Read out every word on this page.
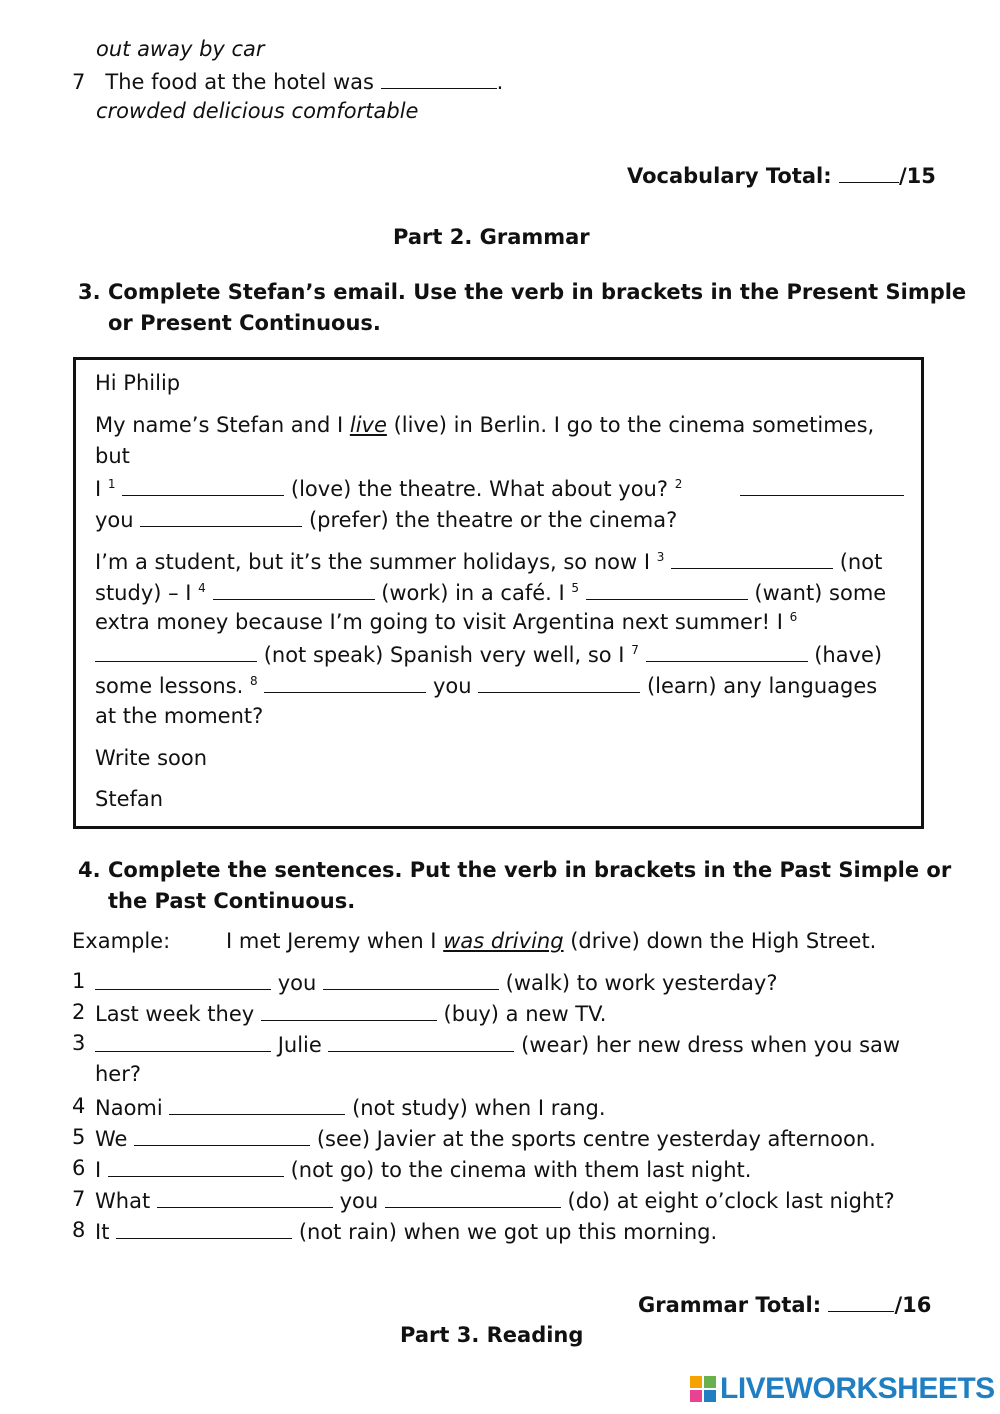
out away by car
7 The food at the hotel was	.
crowded delicious comfortable
Vocabulary Total:	/15
Part 2. Grammar
3. Complete Stefan’s email. Use the verb in brackets in the Present Simple
or Present Continuous.
Hi Philip
My name’s Stefan and I live (live) in Berlin. I go to the cinema sometimes,
but
I $^1$	(love) the theatre. What about you? $^2$
you	(prefer) the theatre or the cinema?
I’m a student, but it’s the summer holidays, so now I $^3$	(not
study) – I $^4$	(work) in a café. I $^5$	(want) some
extra money because I’m going to visit Argentina next summer! I $^6$
(not speak) Spanish very well, so I $^7$	(have)
some lessons. $^8$	you	(learn) any languages
at the moment?
Write soon
Stefan
4. Complete the sentences. Put the verb in brackets in the Past Simple or
the Past Continuous.
Example:	I met Jeremy when I was driving (drive) down the High Street.
1	you	(walk) to work yesterday?
2 Last week they	(buy) a new TV.
3	Julie	(wear) her new dress when you saw
her?
4 Naomi	(not study) when I rang.
5 We	(see) Javier at the sports centre yesterday afternoon.
6 I	(not go) to the cinema with them last night.
7 What	you	(do) at eight o’clock last night?
8 It	(not rain) when we got up this morning.
Grammar Total:	/16
Part 3. Reading
LIVEWORKSHEETS
